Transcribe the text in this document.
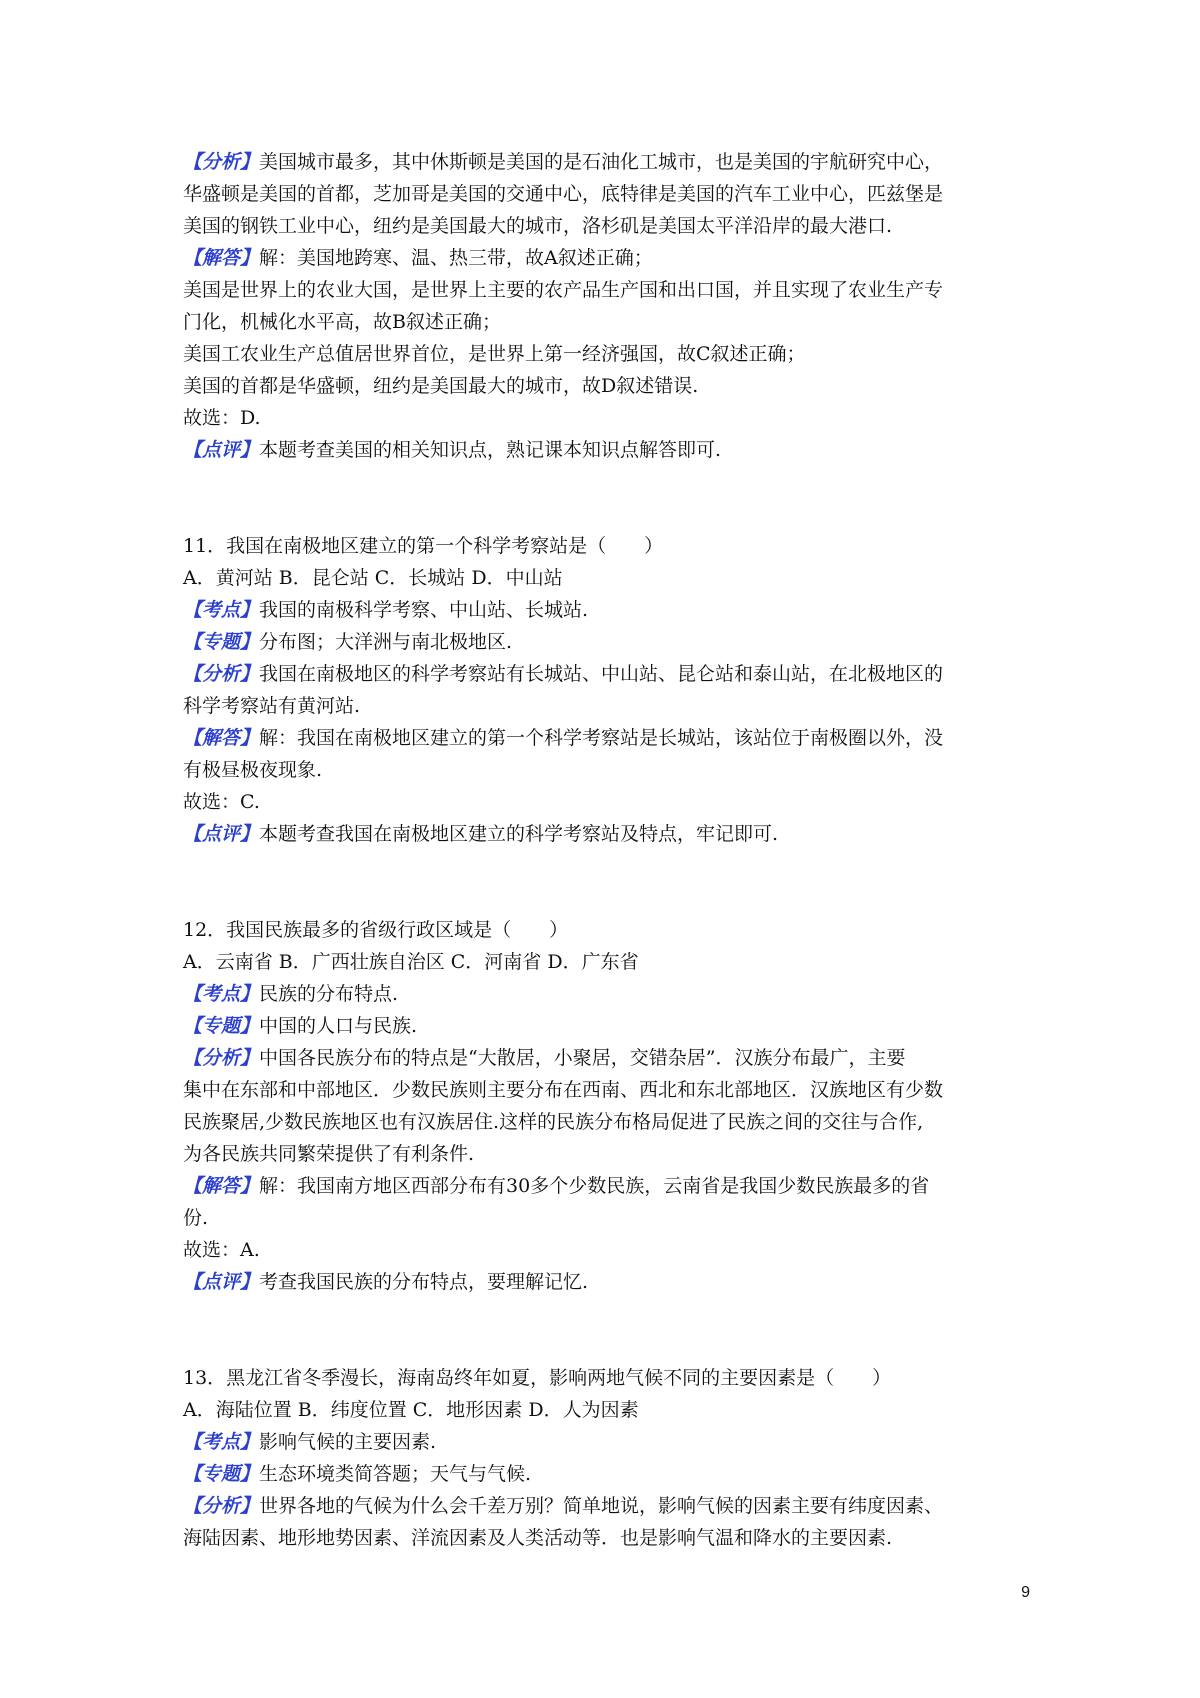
【分析】美国城市最多，其中休斯顿是美国的是石油化工城市，也是美国的宇航研究中心，
华盛顿是美国的首都，芝加哥是美国的交通中心，底特律是美国的汽车工业中心，匹兹堡是
美国的钢铁工业中心，纽约是美国最大的城市，洛杉矶是美国太平洋沿岸的最大港口.
【解答】解：美国地跨寒、温、热三带，故A叙述正确；
美国是世界上的农业大国，是世界上主要的农产品生产国和出口国，并且实现了农业生产专
门化，机械化水平高，故B叙述正确；
美国工农业生产总值居世界首位，是世界上第一经济强国，故C叙述正确；
美国的首都是华盛顿，纽约是美国最大的城市，故D叙述错误.
故选：D.
【点评】本题考查美国的相关知识点，熟记课本知识点解答即可.
11．我国在南极地区建立的第一个科学考察站是（　　）
A．黄河站 B．昆仑站 C．长城站 D．中山站
【考点】我国的南极科学考察、中山站、长城站.
【专题】分布图；大洋洲与南北极地区.
【分析】我国在南极地区的科学考察站有长城站、中山站、昆仑站和泰山站，在北极地区的
科学考察站有黄河站.
【解答】解：我国在南极地区建立的第一个科学考察站是长城站，该站位于南极圈以外，没
有极昼极夜现象.
故选：C.
【点评】本题考查我国在南极地区建立的科学考察站及特点，牢记即可.
12．我国民族最多的省级行政区域是（　　）
A．云南省 B．广西壮族自治区 C．河南省 D．广东省
【考点】民族的分布特点.
【专题】中国的人口与民族.
【分析】中国各民族分布的特点是“大散居，小聚居，交错杂居”．汉族分布最广，主要
集中在东部和中部地区．少数民族则主要分布在西南、西北和东北部地区．汉族地区有少数
民族聚居,少数民族地区也有汉族居住.这样的民族分布格局促进了民族之间的交往与合作,
为各民族共同繁荣提供了有利条件.
【解答】解：我国南方地区西部分布有30多个少数民族，云南省是我国少数民族最多的省
份.
故选：A.
【点评】考查我国民族的分布特点，要理解记忆.
13．黑龙江省冬季漫长，海南岛终年如夏，影响两地气候不同的主要因素是（　　）
A．海陆位置 B．纬度位置 C．地形因素 D．人为因素
【考点】影响气候的主要因素.
【专题】生态环境类简答题；天气与气候.
【分析】世界各地的气候为什么会千差万别？简单地说，影响气候的因素主要有纬度因素、
海陆因素、地形地势因素、洋流因素及人类活动等．也是影响气温和降水的主要因素.
9
